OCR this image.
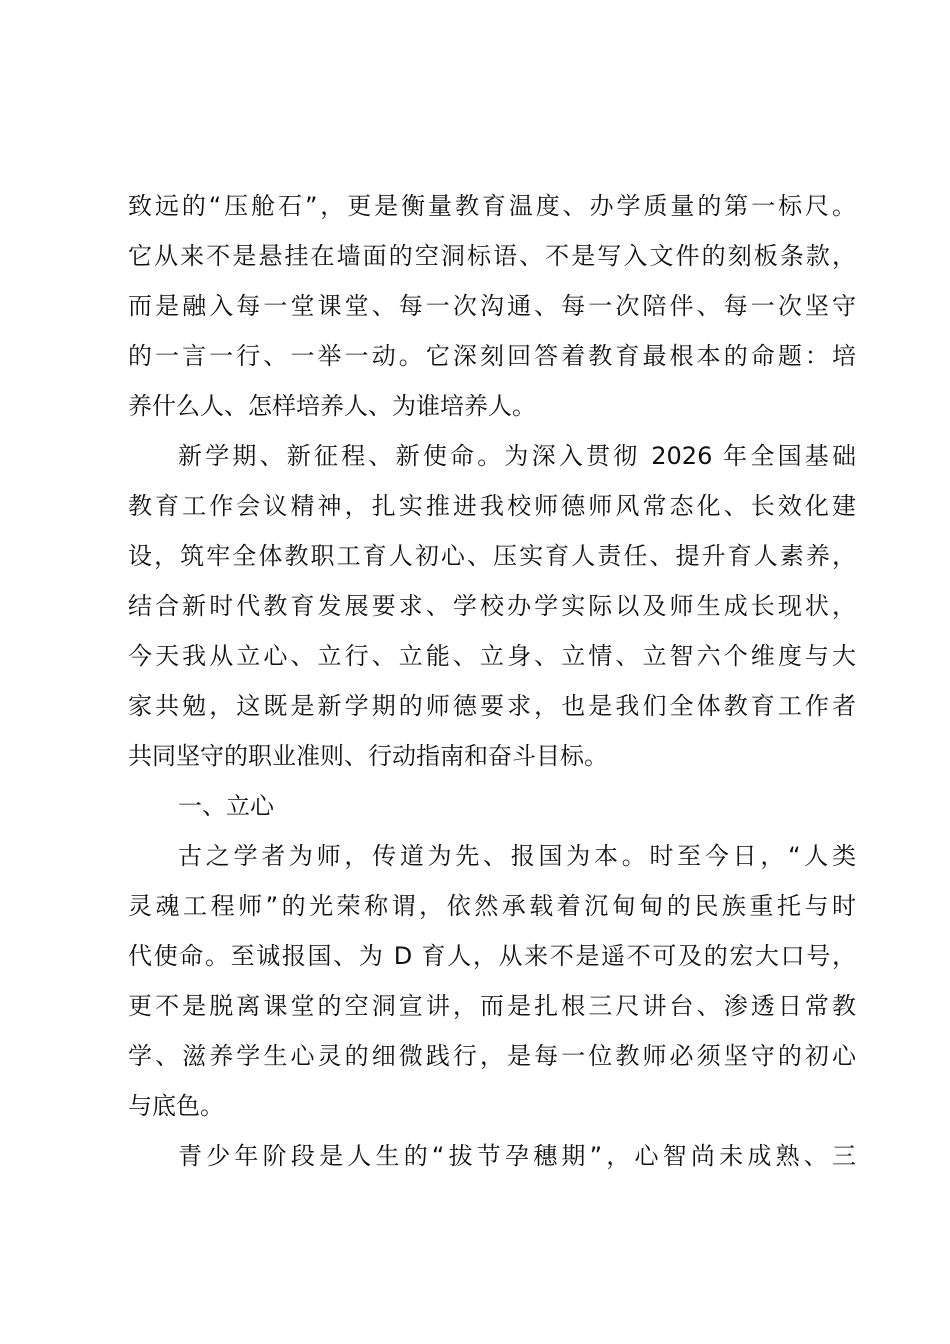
致远的“压舱石”，更是衡量教育温度、办学质量的第一标尺。
它从来不是悬挂在墙面的空洞标语、不是写入文件的刻板条款，
而是融入每一堂课堂、每一次沟通、每一次陪伴、每一次坚守
的一言一行、一举一动。它深刻回答着教育最根本的命题：培
养什么人、怎样培养人、为谁培养人。
新学期、新征程、新使命。为深入贯彻 2026 年全国基础
教育工作会议精神，扎实推进我校师德师风常态化、长效化建
设，筑牢全体教职工育人初心、压实育人责任、提升育人素养，
结合新时代教育发展要求、学校办学实际以及师生成长现状，
今天我从立心、立行、立能、立身、立情、立智六个维度与大
家共勉，这既是新学期的师德要求，也是我们全体教育工作者
共同坚守的职业准则、行动指南和奋斗目标。
一、立心
古之学者为师，传道为先、报国为本。时至今日，“人类
灵魂工程师”的光荣称谓，依然承载着沉甸甸的民族重托与时
代使命。至诚报国、为 D 育人，从来不是遥不可及的宏大口号，
更不是脱离课堂的空洞宣讲，而是扎根三尺讲台、渗透日常教
学、滋养学生心灵的细微践行，是每一位教师必须坚守的初心
与底色。
青少年阶段是人生的“拔节孕穗期”，心智尚未成熟、三
